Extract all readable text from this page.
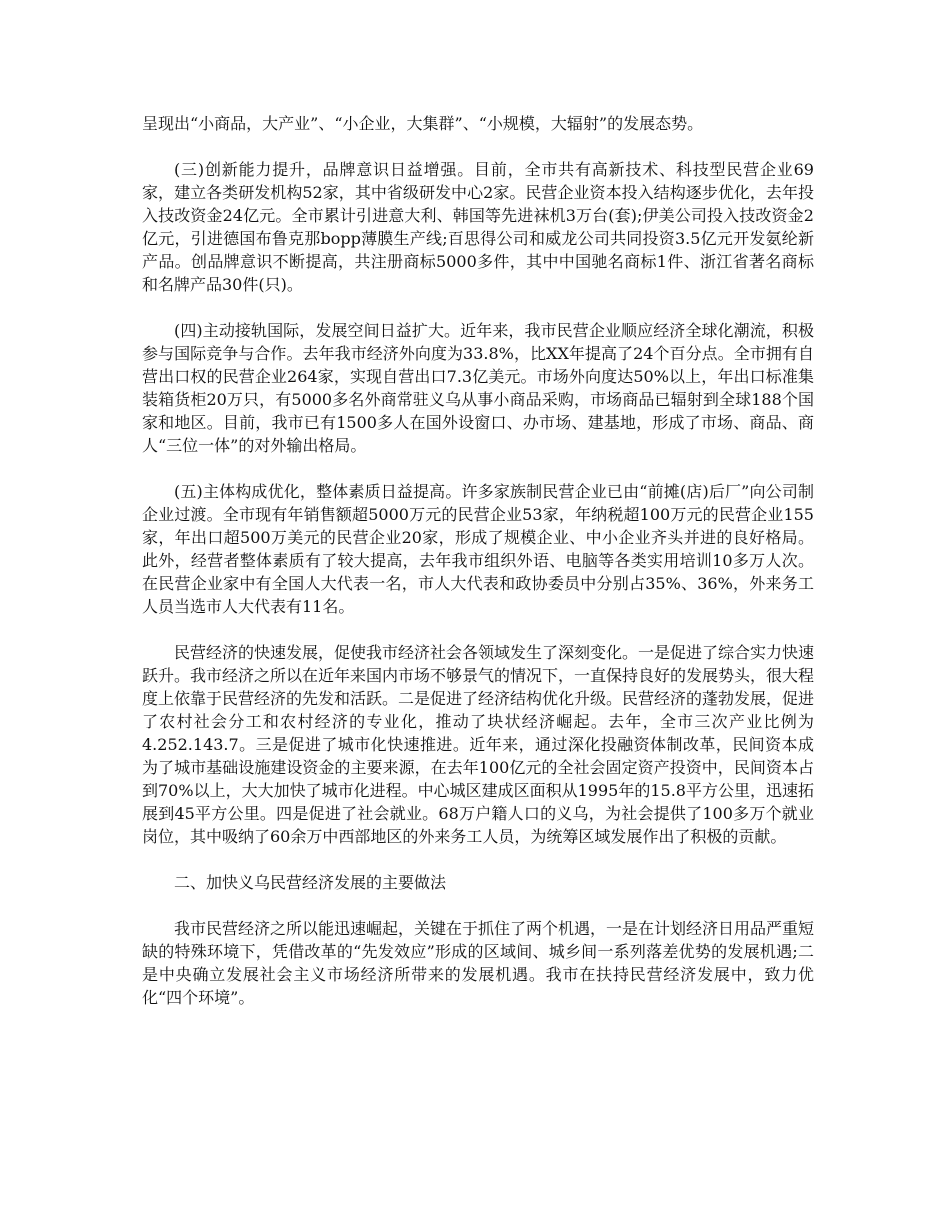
呈现出“小商品，大产业”、“小企业，大集群”、“小规模，大辐射”的发展态势。

(三)创新能力提升，品牌意识日益增强。目前，全市共有高新技术、科技型民营企业69家，建立各类研发机构52家，其中省级研发中心2家。民营企业资本投入结构逐步优化，去年投入技改资金24亿元。全市累计引进意大利、韩国等先进袜机3万台(套);伊美公司投入技改资金2亿元，引进德国布鲁克那bopp薄膜生产线;百思得公司和威龙公司共同投资3.5亿元开发氨纶新产品。创品牌意识不断提高，共注册商标5000多件，其中中国驰名商标1件、浙江省著名商标和名牌产品30件(只)。

(四)主动接轨国际，发展空间日益扩大。近年来，我市民营企业顺应经济全球化潮流，积极参与国际竞争与合作。去年我市经济外向度为33.8%，比XX年提高了24个百分点。全市拥有自营出口权的民营企业264家，实现自营出口7.3亿美元。市场外向度达50%以上，年出口标准集装箱货柜20万只，有5000多名外商常驻义乌从事小商品采购，市场商品已辐射到全球188个国家和地区。目前，我市已有1500多人在国外设窗口、办市场、建基地，形成了市场、商品、商人“三位一体”的对外输出格局。

(五)主体构成优化，整体素质日益提高。许多家族制民营企业已由“前摊(店)后厂”向公司制企业过渡。全市现有年销售额超5000万元的民营企业53家，年纳税超100万元的民营企业155家，年出口超500万美元的民营企业20家，形成了规模企业、中小企业齐头并进的良好格局。此外，经营者整体素质有了较大提高，去年我市组织外语、电脑等各类实用培训10多万人次。在民营企业家中有全国人大代表一名，市人大代表和政协委员中分别占35%、36%，外来务工人员当选市人大代表有11名。

民营经济的快速发展，促使我市经济社会各领域发生了深刻变化。一是促进了综合实力快速跃升。我市经济之所以在近年来国内市场不够景气的情况下，一直保持良好的发展势头，很大程度上依靠于民营经济的先发和活跃。二是促进了经济结构优化升级。民营经济的蓬勃发展，促进了农村社会分工和农村经济的专业化，推动了块状经济崛起。去年，全市三次产业比例为4.252.143.7。三是促进了城市化快速推进。近年来，通过深化投融资体制改革，民间资本成为了城市基础设施建设资金的主要来源，在去年100亿元的全社会固定资产投资中，民间资本占到70%以上，大大加快了城市化进程。中心城区建成区面积从1995年的15.8平方公里，迅速拓展到45平方公里。四是促进了社会就业。68万户籍人口的义乌，为社会提供了100多万个就业岗位，其中吸纳了60余万中西部地区的外来务工人员，为统筹区域发展作出了积极的贡献。

二、加快义乌民营经济发展的主要做法

我市民营经济之所以能迅速崛起，关键在于抓住了两个机遇，一是在计划经济日用品严重短缺的特殊环境下，凭借改革的“先发效应”形成的区域间、城乡间一系列落差优势的发展机遇;二是中央确立发展社会主义市场经济所带来的发展机遇。我市在扶持民营经济发展中，致力优化“四个环境”。
